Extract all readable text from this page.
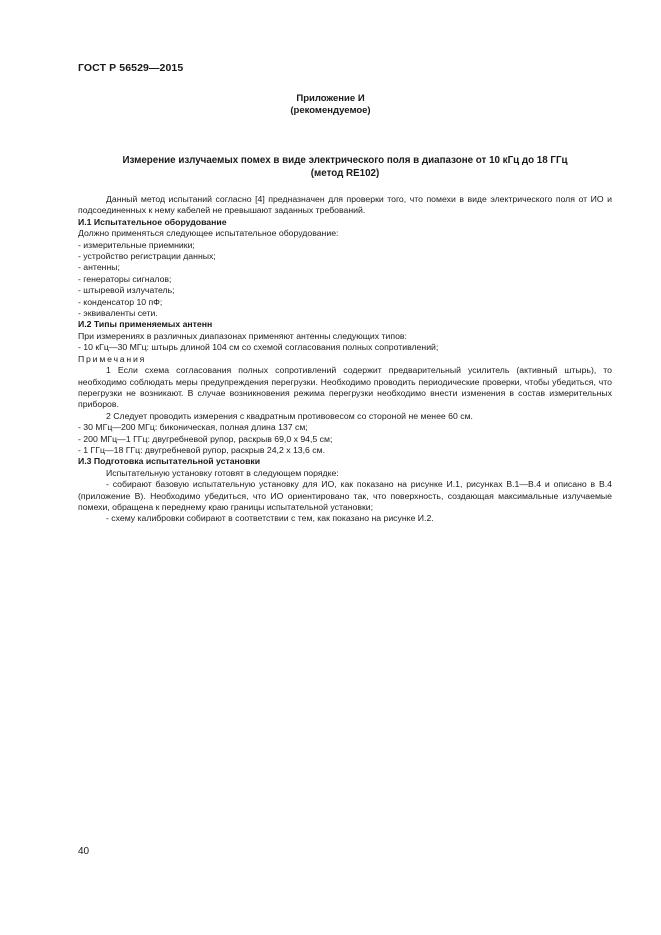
ГОСТ Р 56529—2015
Приложение И
(рекомендуемое)
Измерение излучаемых помех в виде электрического поля в диапазоне от 10 кГц до 18 ГГц
(метод RE102)

Данный метод испытаний согласно [4] предназначен для проверки того, что помехи в виде электрического поля от ИО и подсоединенных к нему кабелей не превышают заданных требований.

И.1 Испытательное оборудование

Должно применяться следующее испытательное оборудование:

- измерительные приемники;
- устройство регистрации данных;
- антенны;
- генераторы сигналов;
- штыревой излучатель;
- конденсатор 10 пФ;
- эквиваленты сети.

И.2 Типы применяемых антенн

При измерениях в различных диапазонах применяют антенны следующих типов:

- 10 кГц—30 МГц: штырь длиной 104 см со схемой согласования полных сопротивлений;

Примечания

1 Если схема согласования полных сопротивлений содержит предварительный усилитель (активный штырь), то необходимо соблюдать меры предупреждения перегрузки. Необходимо проводить периодические проверки, чтобы убедиться, что перегрузки не возникают. В случае возникновения режима перегрузки необходимо внести изменения в состав измерительных приборов.

2 Следует проводить измерения с квадратным противовесом со стороной не менее 60 см.

- 30 МГц—200 МГц: биконическая, полная длина 137 см;
- 200 МГц—1 ГГц: двугребневой рупор, раскрыв 69,0 х 94,5 см;
- 1 ГГц—18 ГГц: двугребневой рупор, раскрыв 24,2 х 13,6 см.

И.3 Подготовка испытательной установки

Испытательную установку готовят в следующем порядке:

- собирают базовую испытательную установку для ИО, как показано на рисунке И.1, рисунках В.1—В.4 и описано в В.4 (приложение В). Необходимо убедиться, что ИО ориентировано так, что поверхность, создающая максимальные излучаемые помехи, обращена к переднему краю границы испытательной установки;

- схему калибровки собирают в соответствии с тем, как показано на рисунке И.2.

40
